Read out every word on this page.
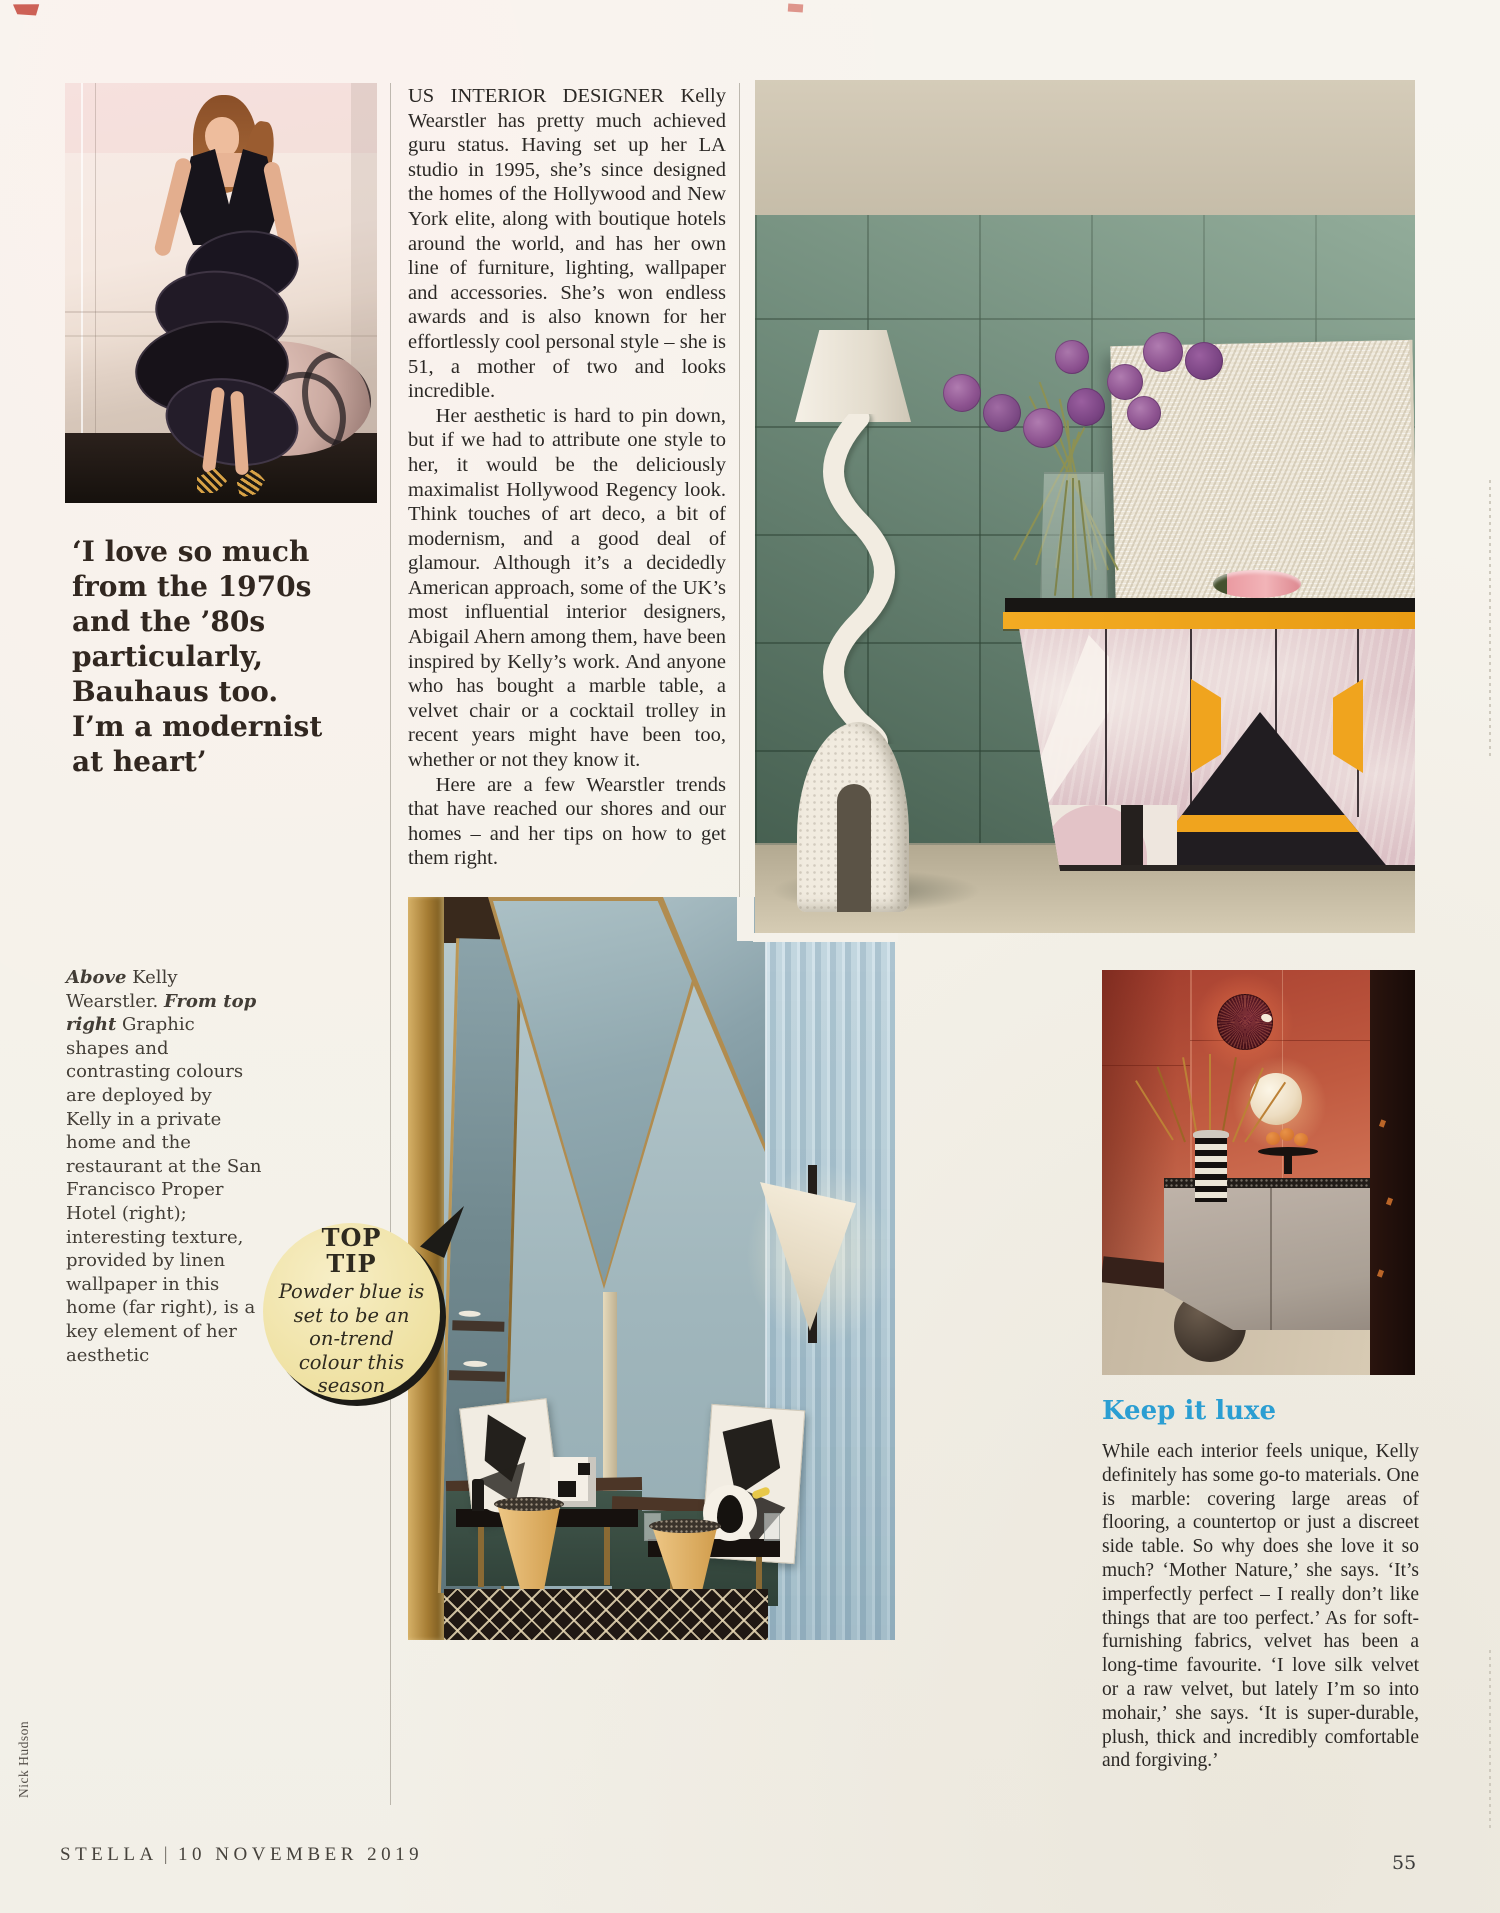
‘I love so much from the 1970s and the ’80s particularly, Bauhaus too. I’m a modernist at heart’
Above Kelly Wearstler. From top right Graphic shapes and contrasting colours are deployed by Kelly in a private home and the restaurant at the San Francisco Proper Hotel (right); interesting texture, provided by linen wallpaper in this home (far right), is a key element of her aesthetic

US INTERIOR DESIGNER Kelly Wearstler has pretty much achieved guru status. Having set up her LA studio in 1995, she’s since designed the homes of the Hollywood and New York elite, along with boutique hotels around the world, and has her own line of furniture, lighting, wallpaper and accessories. She’s won endless awards and is also known for her effortlessly cool personal style – she is 51, a mother of two and looks incredible.

Her aesthetic is hard to pin down, but if we had to attribute one style to her, it would be the deliciously maximalist Hollywood Regency look. Think touches of art deco, a bit of modernism, and a good deal of glamour. Although it’s a decidedly American approach, some of the UK’s most influential interior designers, Abigail Ahern among them, have been inspired by Kelly’s work. And anyone who has bought a marble table, a velvet chair or a cocktail trolley in recent years might have been too, whether or not they know it.

Here are a few Wearstler trends that have reached our shores and our homes – and her tips on how to get them right.

TOP
TIP
Powder blue is set to be an on-trend colour this season
Keep it luxe
While each interior feels unique, Kelly definitely has some go-to materials. One is marble: covering large areas of flooring, a countertop or just a discreet side table. So why does she love it so much? ‘Mother Nature,’ she says. ‘It’s imperfectly perfect – I really don’t like things that are too perfect.’ As for soft-furnishing fabrics, velvet has been a long-time favourite. ‘I love silk velvet or a raw velvet, but lately I’m so into mohair,’ she says. ‘It is super-durable, plush, thick and incredibly comfortable and forgiving.’
STELLA | 10 NOVEMBER 2019	55
Nick Hudson
